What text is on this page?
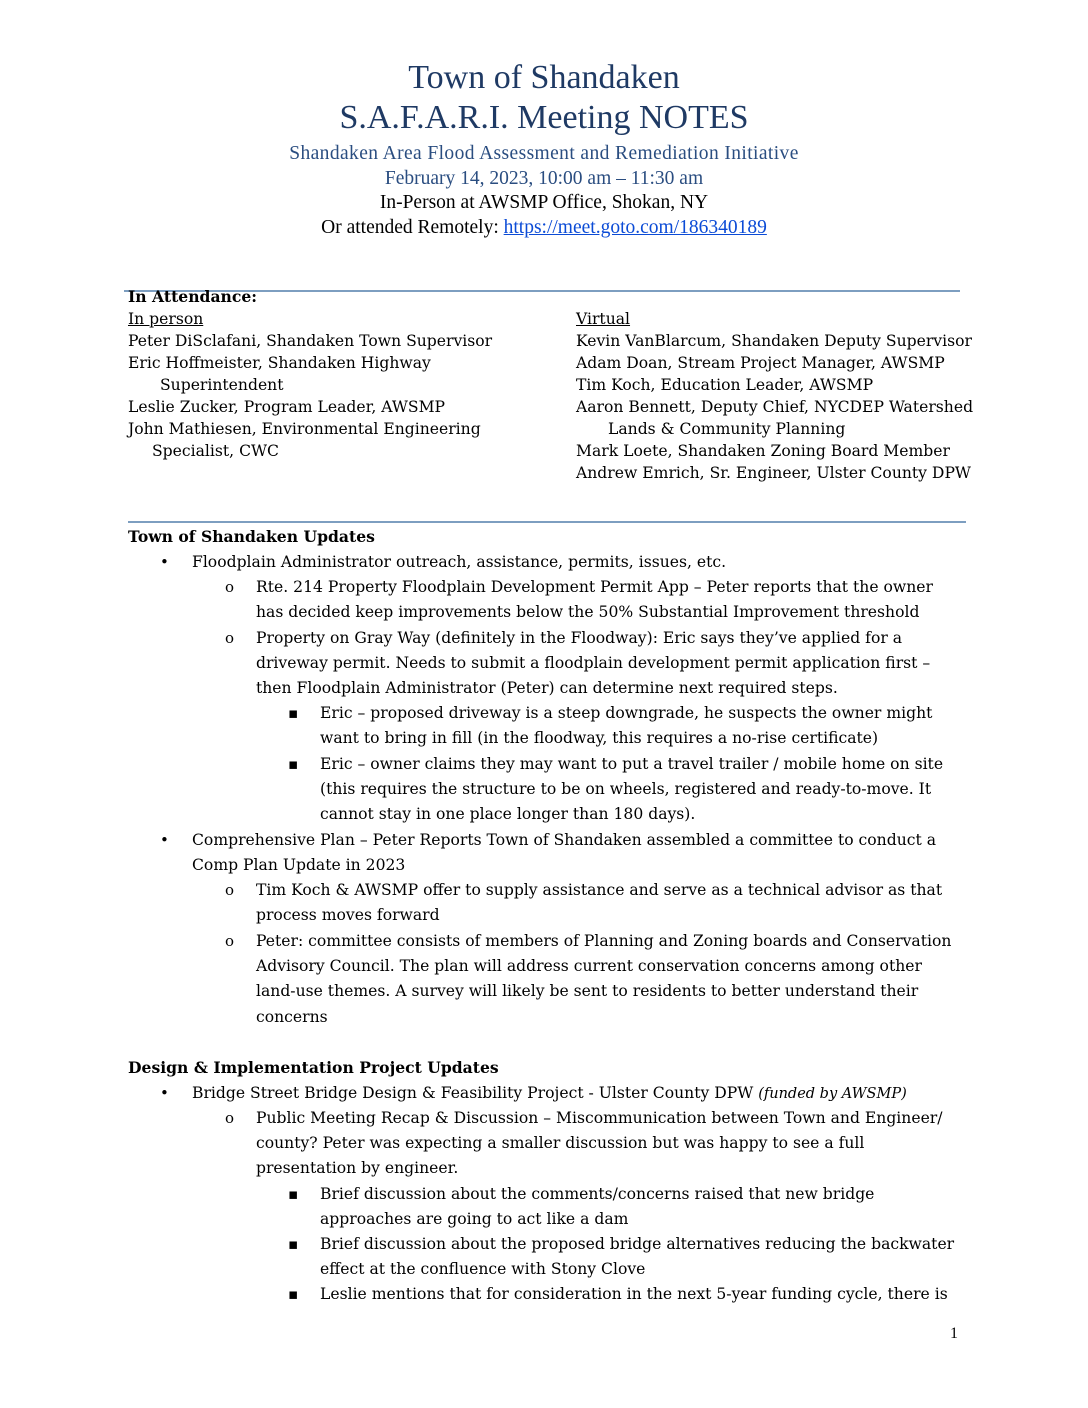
Town of Shandaken
S.A.F.A.R.I. Meeting NOTES
Shandaken Area Flood Assessment and Remediation Initiative
February 14, 2023, 10:00 am – 11:30 am
In-Person at AWSMP Office, Shokan, NY
Or attended Remotely: https://meet.goto.com/186340189
In Attendance:
In person
Peter DiSclafani, Shandaken Town Supervisor
Eric Hoffmeister, Shandaken Highway
Superintendent
Leslie Zucker, Program Leader, AWSMP
John Mathiesen, Environmental Engineering
Specialist, CWC
Virtual
Kevin VanBlarcum, Shandaken Deputy Supervisor
Adam Doan, Stream Project Manager, AWSMP
Tim Koch, Education Leader, AWSMP
Aaron Bennett, Deputy Chief, NYCDEP Watershed
Lands & Community Planning
Mark Loete, Shandaken Zoning Board Member
Andrew Emrich, Sr. Engineer, Ulster County DPW
Town of Shandaken Updates
• Floodplain Administrator outreach, assistance, permits, issues, etc.
o Rte. 214 Property Floodplain Development Permit App – Peter reports that the owner
has decided keep improvements below the 50% Substantial Improvement threshold
o Property on Gray Way (definitely in the Floodway): Eric says they’ve applied for a
driveway permit. Needs to submit a floodplain development permit application first –
then Floodplain Administrator (Peter) can determine next required steps.
▪ Eric – proposed driveway is a steep downgrade, he suspects the owner might
want to bring in fill (in the floodway, this requires a no-rise certificate)
▪ Eric – owner claims they may want to put a travel trailer / mobile home on site
(this requires the structure to be on wheels, registered and ready-to-move. It
cannot stay in one place longer than 180 days).
• Comprehensive Plan – Peter Reports Town of Shandaken assembled a committee to conduct a
Comp Plan Update in 2023
o Tim Koch & AWSMP offer to supply assistance and serve as a technical advisor as that
process moves forward
o Peter: committee consists of members of Planning and Zoning boards and Conservation
Advisory Council. The plan will address current conservation concerns among other
land-use themes. A survey will likely be sent to residents to better understand their
concerns
Design & Implementation Project Updates
• Bridge Street Bridge Design & Feasibility Project - Ulster County DPW (funded by AWSMP)
o Public Meeting Recap & Discussion – Miscommunication between Town and Engineer/
county? Peter was expecting a smaller discussion but was happy to see a full
presentation by engineer.
▪ Brief discussion about the comments/concerns raised that new bridge
approaches are going to act like a dam
▪ Brief discussion about the proposed bridge alternatives reducing the backwater
effect at the confluence with Stony Clove
▪ Leslie mentions that for consideration in the next 5-year funding cycle, there is
1
